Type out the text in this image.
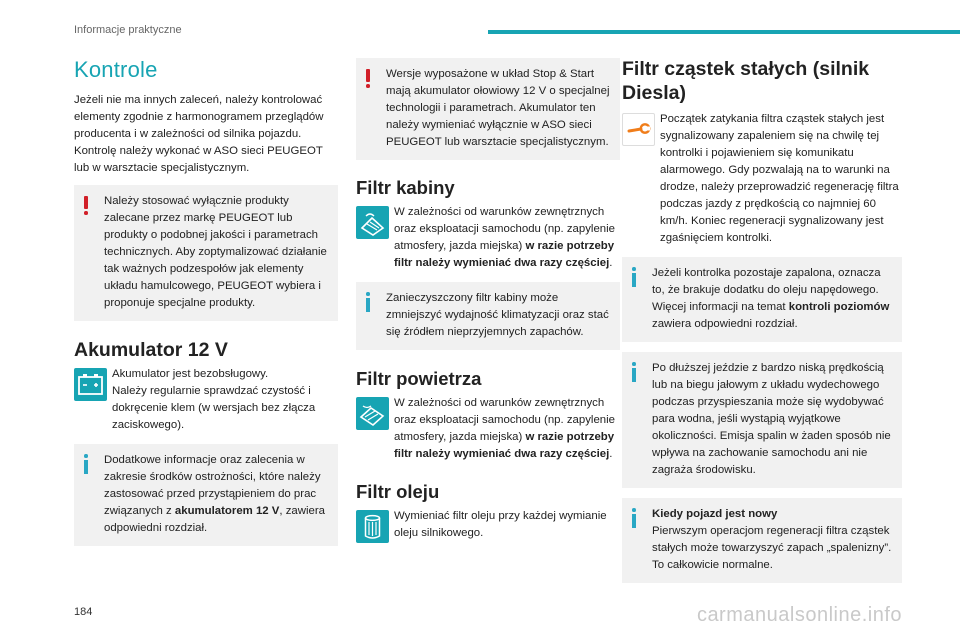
Informacje praktyczne
Kontrole

Jeżeli nie ma innych zaleceń, należy kontrolować elementy zgodnie z harmonogramem przeglądów producenta i w zależności od silnika pojazdu. Kontrolę należy wykonać w ASO sieci PEUGEOT lub w warsztacie specjalistycznym.

Należy stosować wyłącznie produkty zalecane przez markę PEUGEOT lub produkty o podobnej jakości i parametrach technicznych. Aby zoptymalizować działanie tak ważnych podzespołów jak elementy układu hamulcowego, PEUGEOT wybiera i proponuje specjalne produkty.
Akumulator 12 V

Akumulator jest bezobsługowy.
Należy regularnie sprawdzać czystość i dokręcenie klem (w wersjach bez złącza zaciskowego).

Dodatkowe informacje oraz zalecenia w zakresie środków ostrożności, które należy zastosować przed przystąpieniem do prac związanych z akumulatorem 12 V, zawiera odpowiedni rozdział.
Wersje wyposażone w układ Stop & Start mają akumulator ołowiowy 12 V o specjalnej technologii i parametrach. Akumulator ten należy wymieniać wyłącznie w ASO sieci PEUGEOT lub warsztacie specjalistycznym.
Filtr kabiny

W zależności od warunków zewnętrznych oraz eksploatacji samochodu (np. zapylenie atmosfery, jazda miejska) w razie potrzeby filtr należy wymieniać dwa razy częściej.

Zanieczyszczony filtr kabiny może zmniejszyć wydajność klimatyzacji oraz stać się źródłem nieprzyjemnych zapachów.
Filtr powietrza

W zależności od warunków zewnętrznych oraz eksploatacji samochodu (np. zapylenie atmosfery, jazda miejska) w razie potrzeby filtr należy wymieniać dwa razy częściej.

Filtr oleju

Wymieniać filtr oleju przy każdej wymianie oleju silnikowego.

Filtr cząstek stałych (silnik Diesla)

Początek zatykania filtra cząstek stałych jest sygnalizowany zapaleniem się na chwilę tej kontrolki i pojawieniem się komunikatu alarmowego. Gdy pozwalają na to warunki na drodze, należy przeprowadzić regenerację filtra podczas jazdy z prędkością co najmniej 60 km/h. Koniec regeneracji sygnalizowany jest zgaśnięciem kontrolki.

Jeżeli kontrolka pozostaje zapalona, oznacza to, że brakuje dodatku do oleju napędowego. Więcej informacji na temat kontroli poziomów zawiera odpowiedni rozdział.
Po dłuższej jeździe z bardzo niską prędkością lub na biegu jałowym z układu wydechowego podczas przyspieszania może się wydobywać para wodna, jeśli wystąpią wyjątkowe okoliczności. Emisja spalin w żaden sposób nie wpływa na zachowanie samochodu ani nie zagraża środowisku.
Kiedy pojazd jest nowy
Pierwszym operacjom regeneracji filtra cząstek stałych może towarzyszyć zapach „spalenizny”. To całkowicie normalne.
184	carmanualsonline.info
